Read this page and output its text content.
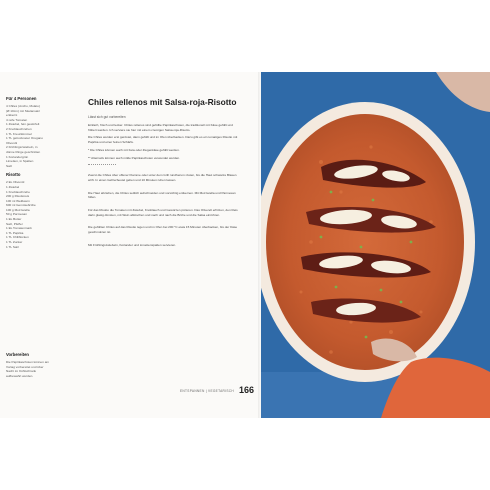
Für 4 Personen
4 Chiles (Ancho, Mulato)
(Ø 10cm) mit Stielansatz
entkernt
4 reife Tomaten
1 Zwiebel, fein gewürfelt
2 Knoblauchzehen
1 TL Kreuzkümmel
1 TL getrockneter Oregano
Olivenöl
2 Frühlingszwiebeln, in
dünne Ringe geschnitten
1 Koriandergrün
Limetten, in Spalten
Salz
Risotto
2 EL Olivenöl
1 Zwiebel
1 Knoblauchzehe
200 g Risottoreis
100 ml Weißwein
600 ml Gemüsebrühe
100 g Mozzarella
50 g Parmesan
1 EL Butter
Salz, Pfeffer
1 EL Tomatenmark
1 TL Paprika
1 TL Chiliflocken
1 TL Zucker
1 TL Salz
Vorbereiten
Die Paprikaschoten können am
Vortag vorbereitet und über
Nacht im Kühlschrank
aufbewahrt werden.
Chiles rellenos mit Salsa-roja-Risotto
Lässt sich gut vorbereiten
Einfach, frisch und lecker. Chiles rellenos sind gefüllte Paprikaschoten, die traditionell mit Käse gefüllt und frittiert werden. Ich serviere sie hier mit einem cremigen Salsa-roja-Risotto.
Die Chiles werden erst geröstet, dann gefüllt und im Ofen überbacken. Dazu gibt es ein tomatiges Risotto mit Paprika und einer feinen Schärfe.
* Die Chiles können auch mit Feta oder Ziegenkäse gefüllt werden.
** Alternativ können auch milde Paprikaschoten verwendet werden.
Zuerst die Chiles über offener Flamme oder unter dem Grill rundherum rösten, bis die Haut schwarze Blasen wirft. In einen Gefrierbeutel geben und 10 Minuten ruhen lassen.
Die Haut abziehen, die Chiles seitlich aufschneiden und vorsichtig entkernen. Mit Mozzarella und Parmesan füllen.
Für das Risotto die Tomaten mit Zwiebel, Knoblauch und Gewürzen pürieren. Das Olivenöl erhitzen, den Reis darin glasig dünsten, mit Wein ablöschen und nach und nach die Brühe und die Salsa einrühren.
Die gefüllten Chiles auf das Risotto legen und im Ofen bei 200 °C etwa 15 Minuten überbacken, bis der Käse geschmolzen ist.
Mit Frühlingszwiebeln, Koriander und Limettenspalten servieren.
ENTSPANNEN | VEGETARISCH 166
